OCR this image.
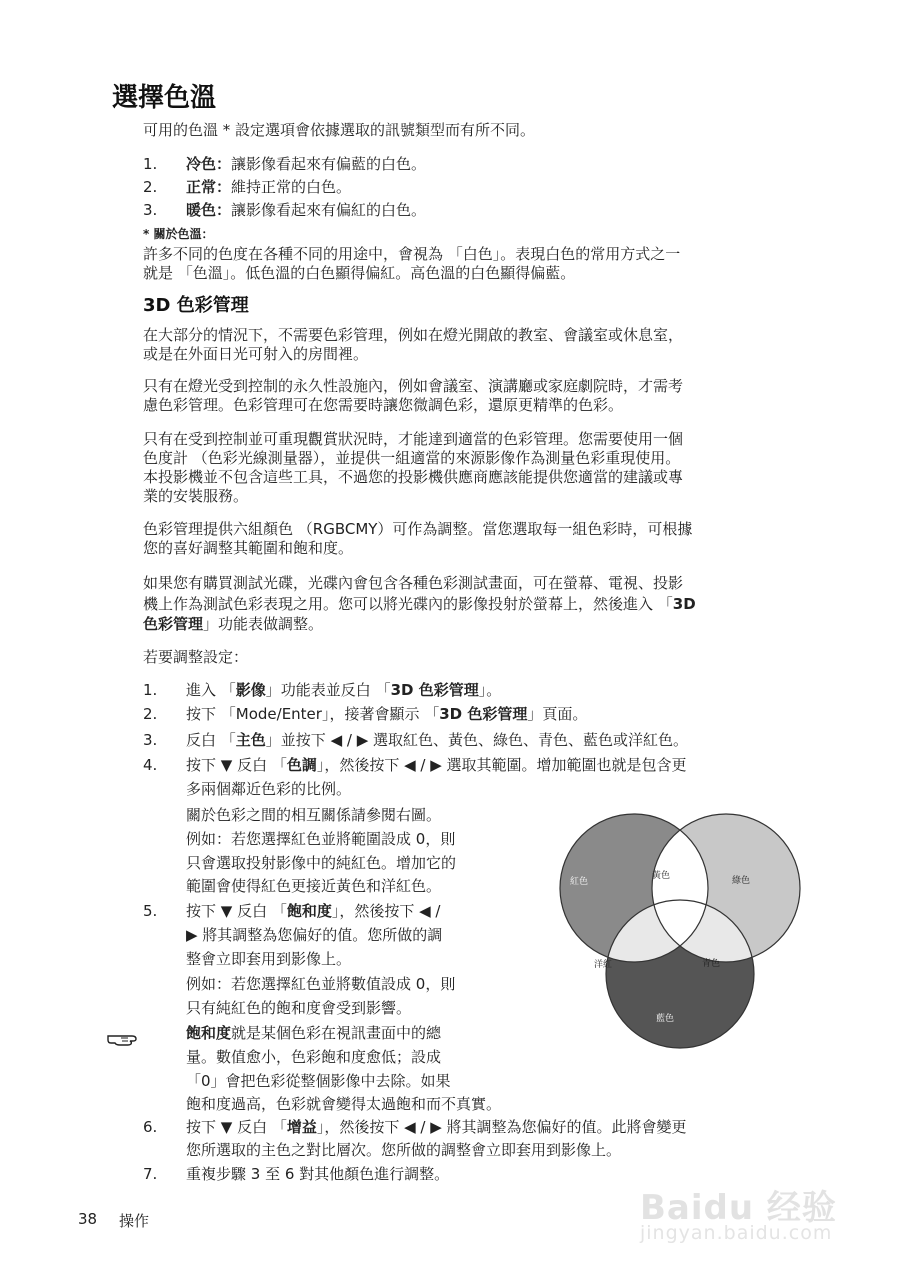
選擇色溫
可用的色溫 * 設定選項會依據選取的訊號類型而有所不同。
1. 冷色：讓影像看起來有偏藍的白色。
2. 正常：維持正常的白色。
3. 暖色：讓影像看起來有偏紅的白色。
* 關於色溫：
許多不同的色度在各種不同的用途中，會視為 「白色」。表現白色的常用方式之一
就是 「色溫」。低色溫的白色顯得偏紅。高色溫的白色顯得偏藍。
3D 色彩管理
在大部分的情況下，不需要色彩管理，例如在燈光開啟的教室、會議室或休息室，
或是在外面日光可射入的房間裡。
只有在燈光受到控制的永久性設施內，例如會議室、演講廳或家庭劇院時，才需考
慮色彩管理。色彩管理可在您需要時讓您微調色彩，還原更精準的色彩。
只有在受到控制並可重現觀賞狀況時，才能達到適當的色彩管理。您需要使用一個
色度計 （色彩光線測量器），並提供一組適當的來源影像作為測量色彩重現使用。
本投影機並不包含這些工具，不過您的投影機供應商應該能提供您適當的建議或專
業的安裝服務。
色彩管理提供六組顏色 （RGBCMY）可作為調整。當您選取每一組色彩時，可根據
您的喜好調整其範圍和飽和度。
如果您有購買測試光碟，光碟內會包含各種色彩測試畫面，可在螢幕、電視、投影
機上作為測試色彩表現之用。您可以將光碟內的影像投射於螢幕上，然後進入 「3D
色彩管理」功能表做調整。
若要調整設定：
1. 進入 「影像」功能表並反白 「3D 色彩管理」。
2. 按下 「Mode/Enter」，接著會顯示 「3D 色彩管理」頁面。
3. 反白 「主色」並按下 ◀ / ▶ 選取紅色、黃色、綠色、青色、藍色或洋紅色。
4. 按下 ▼ 反白 「色調」，然後按下 ◀ / ▶ 選取其範圍。增加範圍也就是包含更
多兩個鄰近色彩的比例。
關於色彩之間的相互關係請參閱右圖。
例如：若您選擇紅色並將範圍設成 0，則
只會選取投射影像中的純紅色。增加它的
範圍會使得紅色更接近黃色和洋紅色。
5. 按下 ▼ 反白 「飽和度」，然後按下 ◀ /
▶ 將其調整為您偏好的值。您所做的調
整會立即套用到影像上。
例如：若您選擇紅色並將數值設成 0，則
只有純紅色的飽和度會受到影響。
飽和度就是某個色彩在視訊畫面中的總
量。數值愈小，色彩飽和度愈低；設成
「0」會把色彩從整個影像中去除。如果
飽和度過高，色彩就會變得太過飽和而不真實。
6. 按下 ▼ 反白 「增益」，然後按下 ◀ / ▶ 將其調整為您偏好的值。此將會變更
您所選取的主色之對比層次。您所做的調整會立即套用到影像上。
7. 重複步驟 3 至 6 對其他顏色進行調整。
紅色	綠色
黃色
洋紅	青色
藍色
38 操作	Baidu 经验
jingyan.baidu.com
